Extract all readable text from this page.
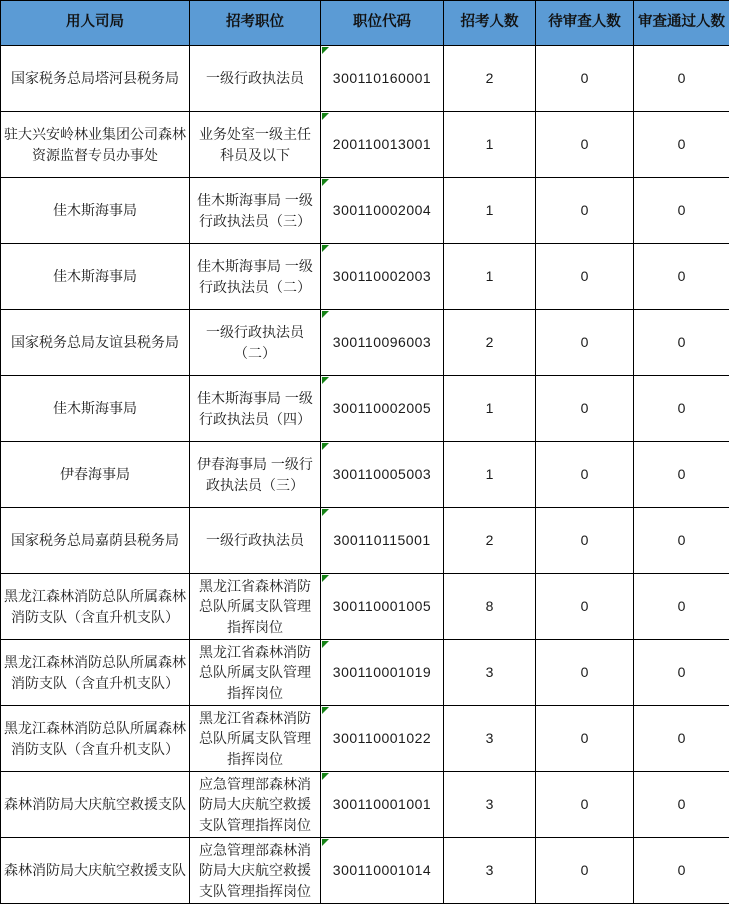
用人司局	招考职位	职位代码	招考人数	待审查人数	审查通过人数
国家税务总局塔河县税务局	一级行政执法员	300110160001	2	0	0
驻大兴安岭林业集团公司森林资源监督专员办事处	业务处室一级主任科员及以下	200110013001	1	0	0
佳木斯海事局	佳木斯海事局 一级行政执法员（三）	300110002004	1	0	0
佳木斯海事局	佳木斯海事局 一级行政执法员（二）	300110002003	1	0	0
国家税务总局友谊县税务局	一级行政执法员（二）	300110096003	2	0	0
佳木斯海事局	佳木斯海事局 一级行政执法员（四）	300110002005	1	0	0
伊春海事局	伊春海事局 一级行政执法员（三）	300110005003	1	0	0
国家税务总局嘉荫县税务局	一级行政执法员	300110115001	2	0	0
黑龙江森林消防总队所属森林消防支队（含直升机支队）	黑龙江省森林消防总队所属支队管理指挥岗位	300110001005	8	0	0
黑龙江森林消防总队所属森林消防支队（含直升机支队）	黑龙江省森林消防总队所属支队管理指挥岗位	300110001019	3	0	0
黑龙江森林消防总队所属森林消防支队（含直升机支队）	黑龙江省森林消防总队所属支队管理指挥岗位	300110001022	3	0	0
森林消防局大庆航空救援支队	应急管理部森林消防局大庆航空救援支队管理指挥岗位	300110001001	3	0	0
森林消防局大庆航空救援支队	应急管理部森林消防局大庆航空救援支队管理指挥岗位	300110001014	3	0	0
